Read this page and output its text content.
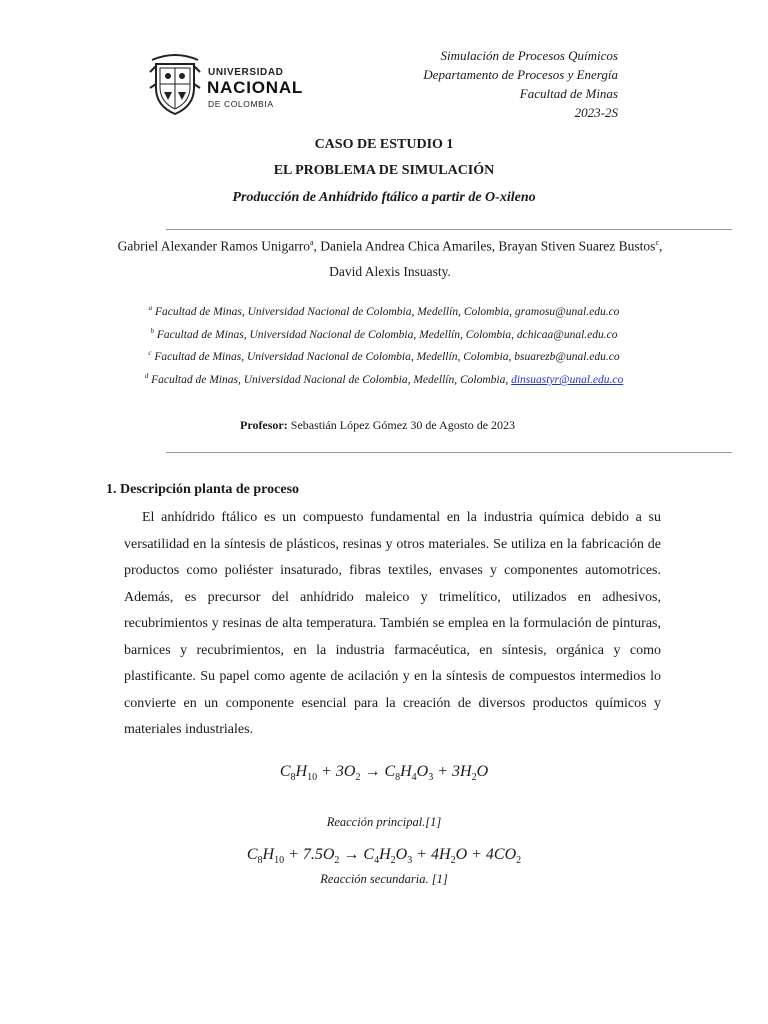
UNIVERSIDAD
NACIONAL
DE COLOMBIA
Simulación de Procesos Químicos
Departamento de Procesos y Energía
Facultad de Minas
2023-2S
CASO DE ESTUDIO 1
EL PROBLEMA DE SIMULACIÓN
Producción de Anhídrido ftálico a partir de O-xileno
Gabriel Alexander Ramos Unigarro$^a$, Daniela Andrea Chica Amariles, Brayan Stiven Suarez Bustos$^c$, David Alexis Insuasty.
$^a$ Facultad de Minas, Universidad Nacional de Colombia, Medellín, Colombia, gramosu@unal.edu.co
$^b$ Facultad de Minas, Universidad Nacional de Colombia, Medellín, Colombia, dchicaa@unal.edu.co
$^c$ Facultad de Minas, Universidad Nacional de Colombia, Medellín, Colombia, bsuarezb@unal.edu.co
$^d$ Facultad de Minas, Universidad Nacional de Colombia, Medellín, Colombia, dinsuastyr@unal.edu.co
Profesor: Sebastián López Gómez 30 de Agosto de 2023
1. Descripción planta de proceso

El anhídrido ftálico es un compuesto fundamental en la industria química debido a su versatilidad en la síntesis de plásticos, resinas y otros materiales. Se utiliza en la fabricación de productos como poliéster insaturado, fibras textiles, envases y componentes automotrices. Además, es precursor del anhídrido maleico y trimelítico, utilizados en adhesivos, recubrimientos y resinas de alta temperatura. También se emplea en la formulación de pinturas, barnices y recubrimientos, en la industria farmacéutica, en síntesis, orgánica y como plastificante. Su papel como agente de acilación y en la síntesis de compuestos intermedios lo convierte en un componente esencial para la creación de diversos productos químicos y materiales industriales.

$C_8H_{10} + 3O_2 \to C_8H_4O_3 + 3H_2O$
Reacción principal.[1]
$C_8H_{10} + 7.5O_2 \to C_4H_2O_3 + 4H_2O + 4CO_2$
Reacción secundaria. [1]
